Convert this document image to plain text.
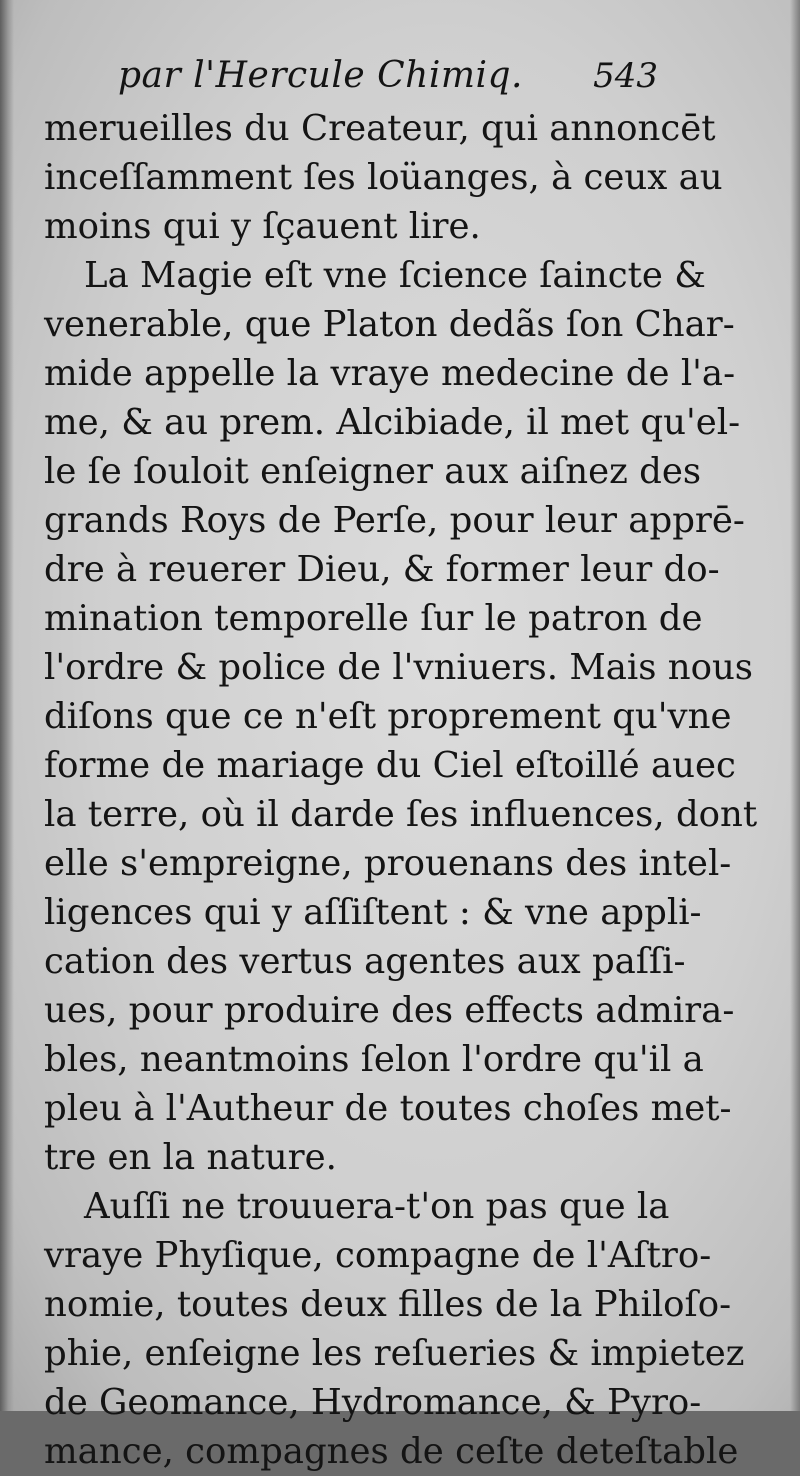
par l'Hercule Chimiq. 543
merueilles du Createur, qui annoncēt
inceſſamment ſes loüanges, à ceux au
moins qui y ſçauent lire.
La Magie eſt vne ſcience ſaincte &
venerable, que Platon dedãs ſon Char-
mide appelle la vraye medecine de l'a-
me, & au prem. Alcibiade, il met qu'el-
le ſe ſouloit enſeigner aux aiſnez des
grands Roys de Perſe, pour leur apprē-
dre à reuerer Dieu, & former leur do-
mination temporelle ſur le patron de
l'ordre & police de l'vniuers. Mais nous
diſons que ce n'eſt proprement qu'vne
forme de mariage du Ciel eſtoillé auec
la terre, où il darde ſes influences, dont
elle s'empreigne, prouenans des intel-
ligences qui y aſſiſtent : & vne appli-
cation des vertus agentes aux paſſi-
ues, pour produire des effects admira-
bles, neantmoins ſelon l'ordre qu'il a
pleu à l'Autheur de toutes choſes met-
tre en la nature.
Auſſi ne trouuera-t'on pas que la
vraye Phyſique, compagne de l'Aſtro-
nomie, toutes deux filles de la Philoſo-
phie, enſeigne les reſueries & impietez
de Geomance, Hydromance, & Pyro-
mance, compagnes de ceſte deteſtable
